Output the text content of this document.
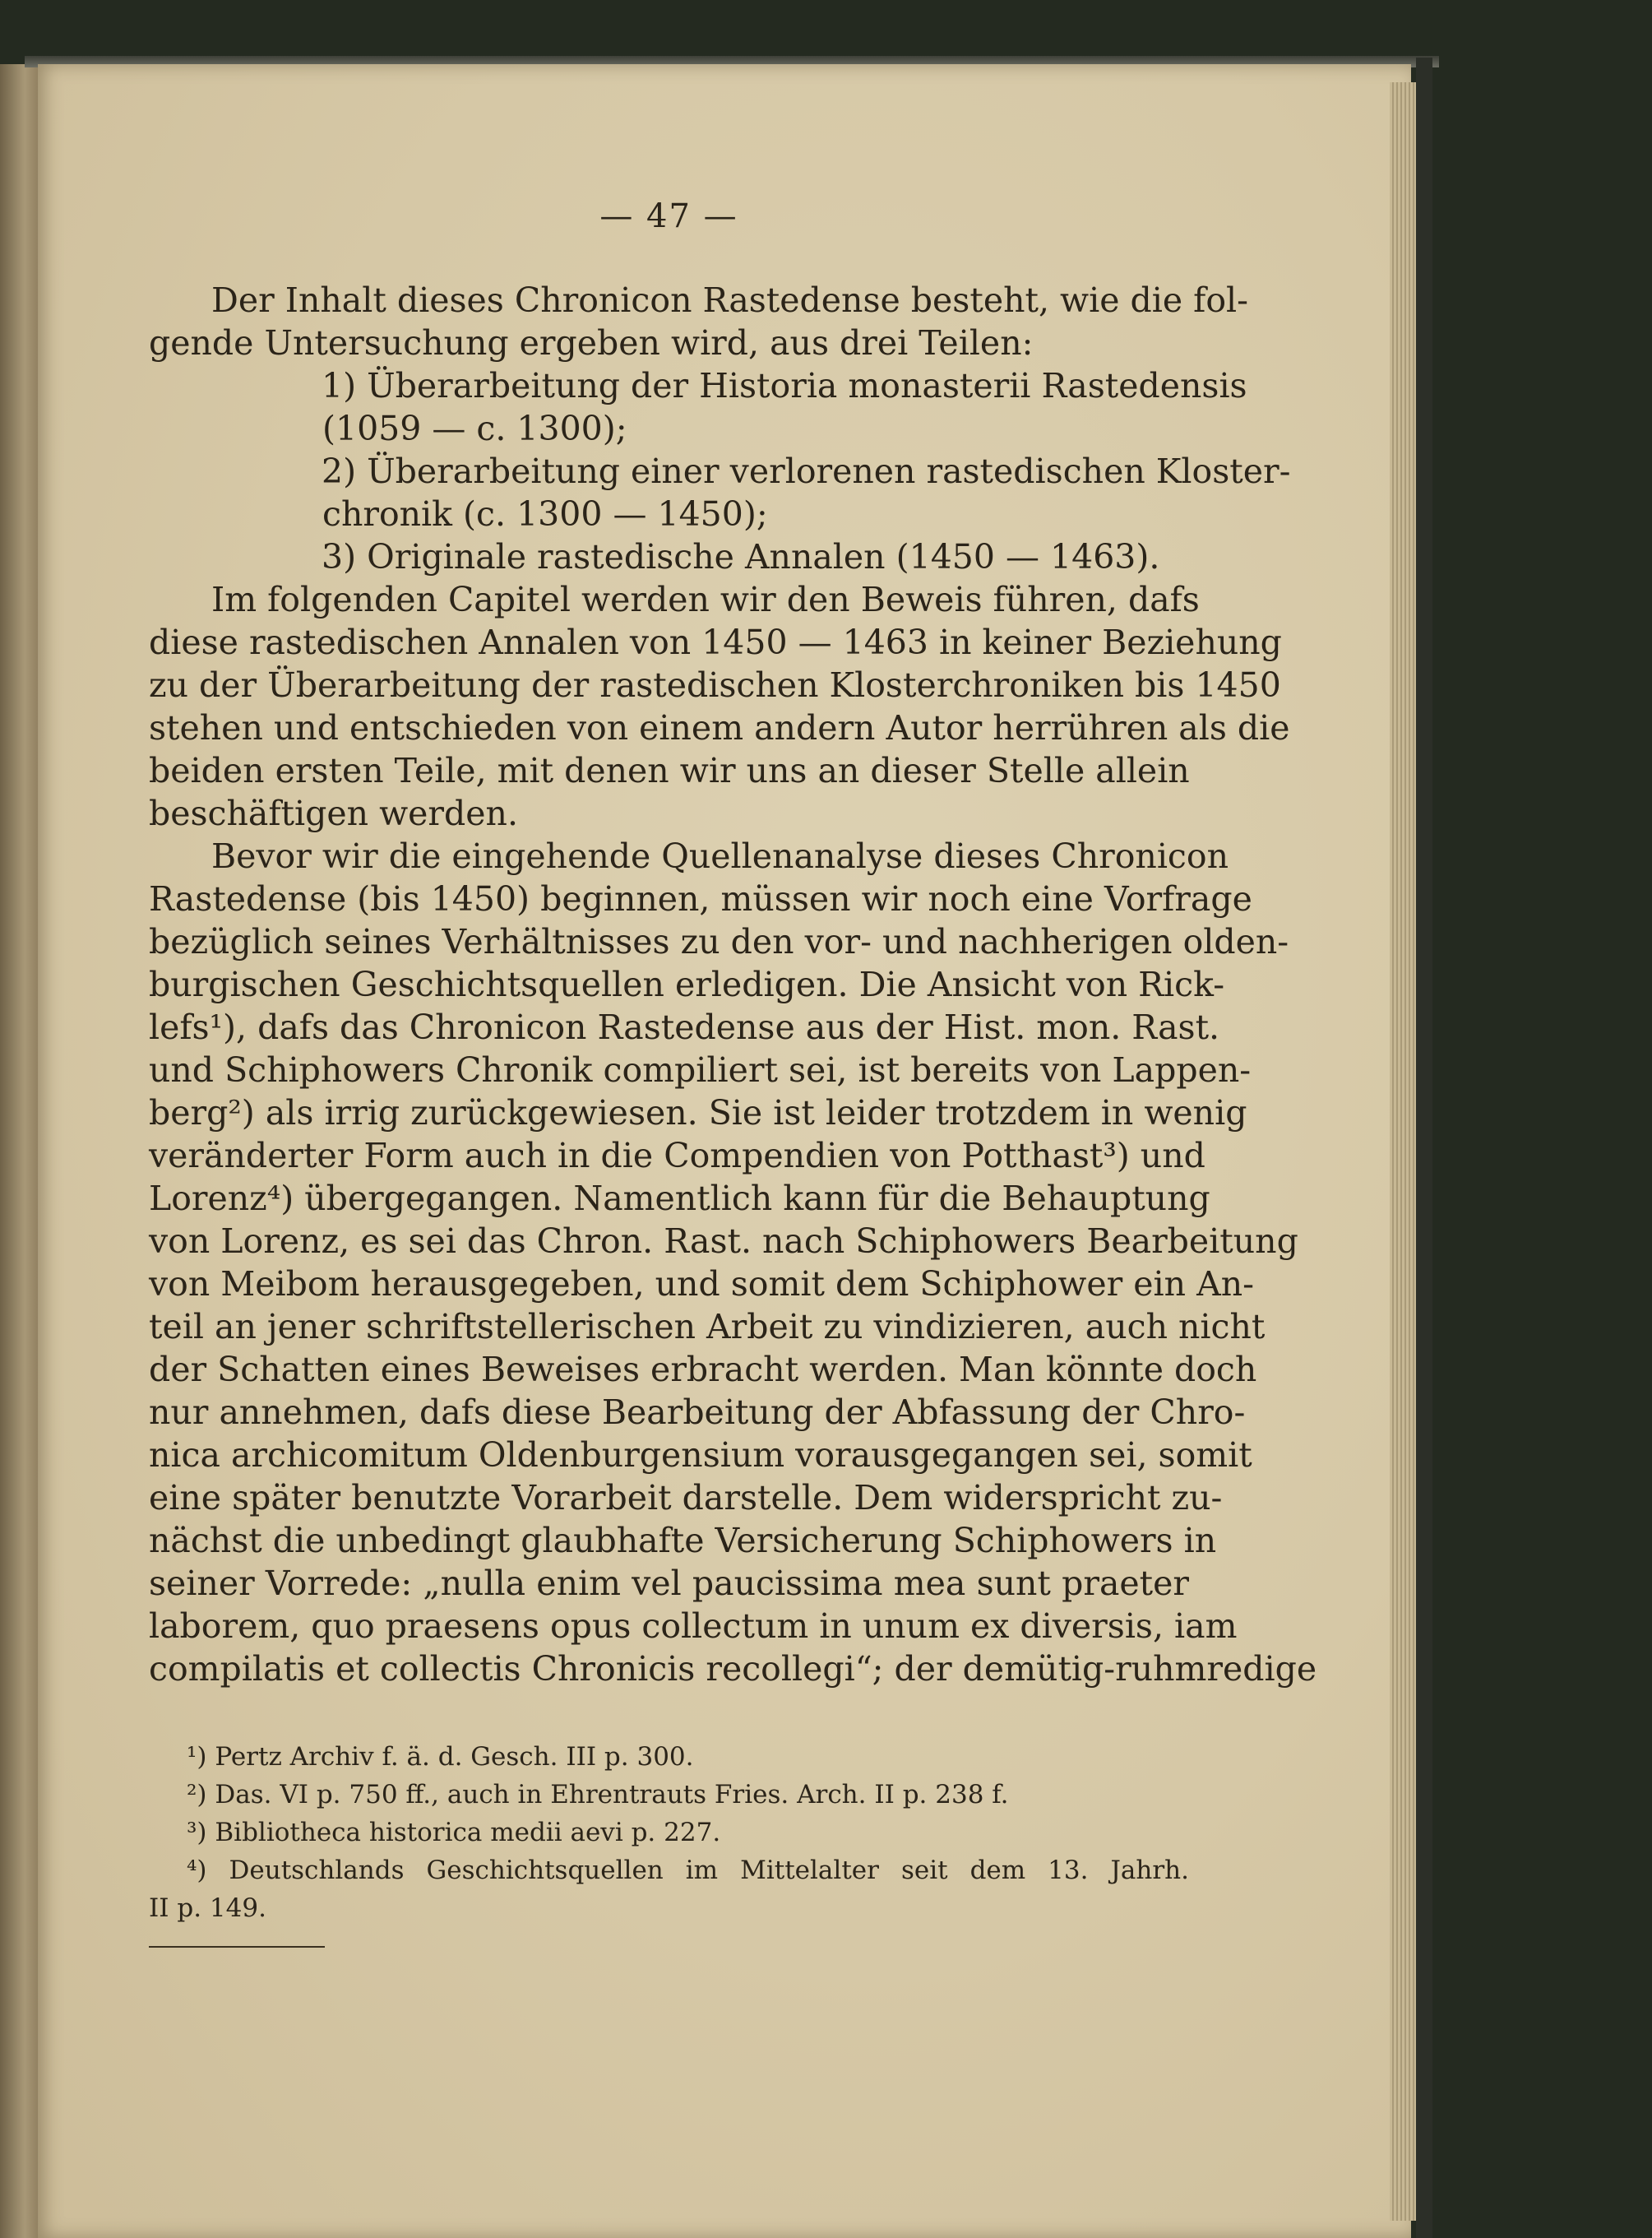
— 47 —
Der Inhalt dieses Chronicon Rastedense besteht, wie die fol-
gende Untersuchung ergeben wird, aus drei Teilen:
1) Überarbeitung der Historia monasterii Rastedensis
(1059 — c. 1300);
2) Überarbeitung einer verlorenen rastedischen Kloster-
chronik (c. 1300 — 1450);
3) Originale rastedische Annalen (1450 — 1463).
Im folgenden Capitel werden wir den Beweis führen, dafs
diese rastedischen Annalen von 1450 — 1463 in keiner Beziehung
zu der Überarbeitung der rastedischen Klosterchroniken bis 1450
stehen und entschieden von einem andern Autor herrühren als die
beiden ersten Teile, mit denen wir uns an dieser Stelle allein
beschäftigen werden.
Bevor wir die eingehende Quellenanalyse dieses Chronicon
Rastedense (bis 1450) beginnen, müssen wir noch eine Vorfrage
bezüglich seines Verhältnisses zu den vor- und nachherigen olden-
burgischen Geschichtsquellen erledigen. Die Ansicht von Rick-
lefs¹), dafs das Chronicon Rastedense aus der Hist. mon. Rast.
und Schiphowers Chronik compiliert sei, ist bereits von Lappen-
berg²) als irrig zurückgewiesen. Sie ist leider trotzdem in wenig
veränderter Form auch in die Compendien von Potthast³) und
Lorenz⁴) übergegangen. Namentlich kann für die Behauptung
von Lorenz, es sei das Chron. Rast. nach Schiphowers Bearbeitung
von Meibom herausgegeben, und somit dem Schiphower ein An-
teil an jener schriftstellerischen Arbeit zu vindizieren, auch nicht
der Schatten eines Beweises erbracht werden. Man könnte doch
nur annehmen, dafs diese Bearbeitung der Abfassung der Chro-
nica archicomitum Oldenburgensium vorausgegangen sei, somit
eine später benutzte Vorarbeit darstelle. Dem widerspricht zu-
nächst die unbedingt glaubhafte Versicherung Schiphowers in
seiner Vorrede: „nulla enim vel paucissima mea sunt praeter
laborem, quo praesens opus collectum in unum ex diversis, iam
compilatis et collectis Chronicis recollegi“; der demütig-ruhmredige
¹) Pertz Archiv f. ä. d. Gesch. III p. 300.
²) Das. VI p. 750 ff., auch in Ehrentrauts Fries. Arch. II p. 238 f.
³) Bibliotheca historica medii aevi p. 227.
⁴) Deutschlands Geschichtsquellen im Mittelalter seit dem 13. Jahrh.
II p. 149.
